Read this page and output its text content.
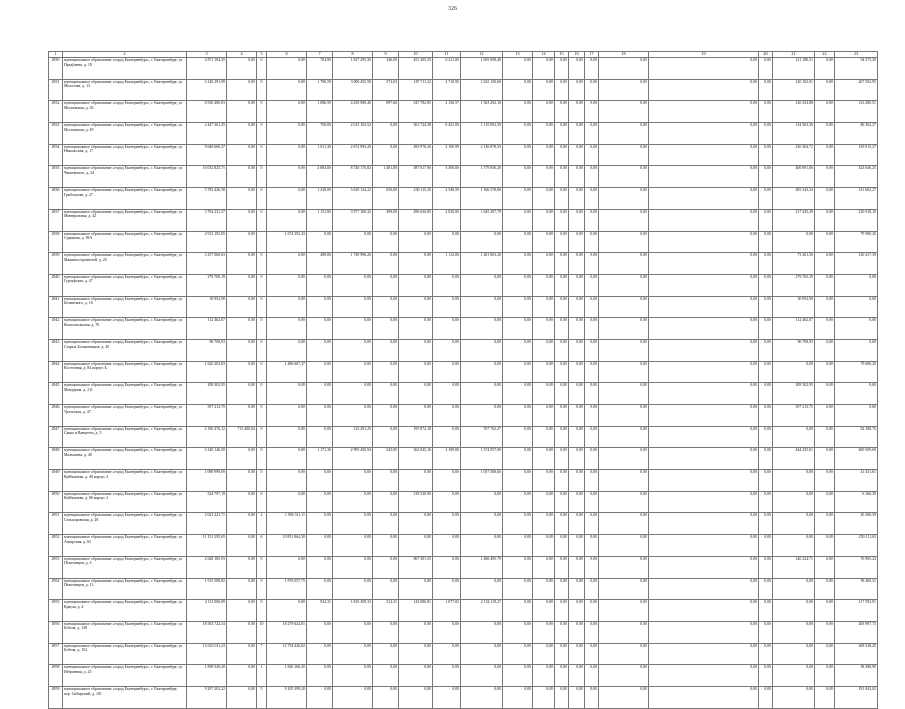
326
1	2	3	4	5	6	7	8	9	10	11	12	13	14	15	16	17	18	19	20	21	22	23
4930	муниципальное образование «город Екатеринбург», г. Екатеринбург, ул. Предбанна, д. 18	2 871 194,35	0,00	0	0,00	704,90	1 827 295,30	246,00	451 305,35	6 211,00	1 695 008,40	0,00	0,00	0,00	0,00	0,00	0,00	0,00	0,00	121 188,51	0,00	94 575,30
4931	муниципальное образование «город Екатеринбург», г. Екатеринбург, ул. Молотова, д. 13	3 140 291,99	0,00	0	0,00	1 780,59	3 000 455,58	573,63	187 711,32	2 710,95	1 625 150,60	0,00	0,00	0,00	0,00	0,00	0,00	0,00	0,00	120 102,91	0,00	207 502,95
4932	муниципальное образование «город Екатеринбург», г. Екатеринбург, ул. Московская, д. 30	8 530 480,03	0,00	0	0,00	1 086,59	4 250 988,40	897,60	547 782,85	2 156,57	1 563 292,10	0,00	0,00	0,00	0,00	0,00	0,00	0,00	0,00	120 254,88	0,00	123 280,51
4933	муниципальное образование «город Екатеринбург», г. Екатеринбург, ул. Московская, д. 49	2 447 361,25	0,00	0	0,00	700,00	2 013 163,52	0,00	361 724,38	6 441,00	1 119 092,50	0,00	0,00	0,00	0,00	0,00	0,00	0,00	0,00	134 563,56	0,00	80 302,27
4934	муниципальное образование «город Екатеринбург», г. Екатеринбург, ул. Никольская, д. 17	9 640 660,27	0,00	0	0,00	1 011,30	2 672 993,20	0,00	493 970,20	2 100,99	2 136 878,55	0,00	0,00	0,00	0,00	0,00	0,00	0,00	0,00	230 304,71	0,00	159 015,27
4935	муниципальное образование «город Екатеринбург», г. Екатеринбург, ул. Чапаевского, д. 24	10 032 825,71	0,00	0	0,00	2 084,00	8 740 176,82	1 481,00	587 617,96	3 300,00	1 579 856,20	0,00	0,00	0,00	0,00	0,00	0,00	0,00	0,00	400 891,06	0,00	323 646,25
4936	муниципальное образование «город Екатеринбург», г. Екатеринбург, ул. Грибоедова, д. 27	5 782 426,58	0,00	0	0,00	1 238,00	5 629 134,22	650,00	230 115,20	2 540,50	1 166 378,06	0,00	0,00	0,00	0,00	0,00	0,00	0,00	0,00	285 343,24	0,00	141 602,27
4937	муниципальное образование «город Екатеринбург», г. Екатеринбург, ул. Минеральная, д. 42	3 794 231,37	0,00	0	0,00	1 151,00	3 977 100,32	499,00	290 630,85	2 030,00	1 645 297,79	0,00	0,00	0,00	0,00	0,00	0,00	0,00	0,00	217 435,29	0,00	120 918,10
4938	муниципальное образование «город Екатеринбург», г. Екатеринбург, ул. Сурикова, д. 39А	2 913 192,85	0,00		1 674 392,43	0,00	0,00	0,00	0,00	0,00	0,00	0,00	0,00	0,00	0,00	0,00	0,00	0,00	0,00	0,00	0,00	79 580,20
4939	муниципальное образование «город Екатеринбург», г. Екатеринбург, ул. Машиностроителей, д. 25	3 257 060,63	0,00	0	0,00	489,00	1 749 996,20	0,00	0,00	1 112,00	1 201 863,20	0,00	0,00	0,00	0,00	0,00	0,00	0,00	0,00	73 261,50	0,00	120 417,39
4940	муниципальное образование «город Екатеринбург», г. Екатеринбург, ул. Гурзуфская, д. 47	279 700,19	0,00	0	0,00	0,00	0,00	0,00	0,00	0,00	0,00	0,00	0,00	0,00	0,00	0,00	0,00	0,00	0,00	279 702,39	0,00	0,00
4941	муниципальное образование «город Екатеринбург», г. Екатеринбург, ул. Белинского, д. 16	30 952,90	0,00	0	0,00	0,00	0,00	0,00	0,00	0,00	0,00	0,00	0,00	0,00	0,00	0,00	0,00	0,00	0,00	30 952,90	0,00	0,00
4942	муниципальное образование «город Екатеринбург», г. Екатеринбург, ул. Комсомольская, д. 70	112 462,07	0,00	0	0,00	0,00	0,00	0,00	0,00	0,00	0,00	0,00	0,00	0,00	0,00	0,00	0,00	0,00	0,00	112 462,07	0,00	0,00
4943	муниципальное образование «город Екатеринбург», г. Екатеринбург, ул. Старых Большевиков, д. 20	96 708,93	0,00	0	0,00	0,00	0,00	0,00	0,00	0,00	0,00	0,00	0,00	0,00	0,00	0,00	0,00	0,00	0,00	96 708,93	0,00	0,00
4944	муниципальное образование «город Екатеринбург», г. Екатеринбург, ул. Восточная, д. 84 корпус Б	1 620 203,03	0,00	0	1 486 667,37	0,00	0,00	0,00	0,00	0,00	0,00	0,00	0,00	0,00	0,00	0,00	0,00	0,00	0,00	0,00	0,00	79 680,20
4945	муниципальное образование «город Екатеринбург», г. Екатеринбург, ул. Мичурина, д. 211	208 302,95	0,00	0	0,00	0,00	0,00	0,00	0,00	0,00	0,00	0,00	0,00	0,00	0,00	0,00	0,00	0,00	0,00	208 302,95	0,00	0,00
4946	муниципальное образование «город Екатеринбург», г. Екатеринбург, ул. Уральская, д. 47	597 213,75	0,00	0	0,00	0,00	0,00	0,00	0,00	0,00	0,00	0,00	0,00	0,00	0,00	0,00	0,00	0,00	0,00	597 213,75	0,00	0,00
4947	муниципальное образование «город Екатеринбург», г. Екатеринбург, ул. Сакко и Ванцетти, д. 5	2 190 476,12	713 400,84	0	0,00	0,00	123 291,25	0,00	195 872,10	0,00	767 702,27	0,00	0,00	0,00	0,00	0,00	0,00	0,00	0,00	0,00	0,00	82 180,76
4948	муниципальное образование «город Екатеринбург», г. Екатеринбург, ул. Малышева, д. 40	3 140 146,50	0,00	0	0,00	1 171,30	2 995 450,94	345,85	362 845,16	3 109,00	1 374 957,90	0,00	0,00	0,00	0,00	0,00	0,00	0,00	0,00	444 435,61	0,00	400 509,69
4949	муниципальное образование «город Екатеринбург», г. Екатеринбург, ул. Куйбышева, д. 48 корпус 2	1 098 999,69	0,00	0	0,00	0,00	0,00	0,00	0,00	0,00	1 057 568,60	0,00	0,00	0,00	0,00	0,00	0,00	0,00	0,00	0,00	0,00	41 431,61
4950	муниципальное образование «город Екатеринбург», г. Екатеринбург, ул. Куйбышева, д. 86 корпус 2	524 797,19	0,00	0	0,00	0,00	0,00	0,00	518 520,90	0,00	0,00	0,00	0,00	0,00	0,00	0,00	0,00	0,00	0,00	0,00	0,00	6 166,39
4951	муниципальное образование «город Екатеринбург», г. Екатеринбург, ул. Селькоровская, д. 28	2 021 221,71	0,00	2	1 994 311,11	0,00	0,00	0,00	0,00	0,00	0,00	0,00	0,00	0,00	0,00	0,00	0,00	0,00	0,00	0,00	0,00	20 280,59
4952	муниципальное образование «город Екатеринбург», г. Екатеринбург, ул. Ангарская, д. 63	11 151 295,65	0,00	6	10 851 864,30	0,00	0,00	0,00	0,00	0,00	0,00	0,00	0,00	0,00	0,00	0,00	0,00	0,00	0,00	0,00	0,00	250 111,63
4953	муниципальное образование «город Екатеринбург», г. Екатеринбург, ул. Пехотинцев, д. 3	2 628 185,93	0,00	0	0,00	0,00	0,00	0,00	867 301,55	0,00	1 486 495,79	0,00	0,00	0,00	0,00	0,00	0,00	0,00	0,00	140 224,71	0,00	76 965,24
4954	муниципальное образование «город Екатеринбург», г. Екатеринбург, ул. Пехотинцев, д. 13	1 915 588,82	0,00	0	1 876 057,75	0,00	0,00	0,00	0,00	0,00	0,00	0,00	0,00	0,00	0,00	0,00	0,00	0,00	0,00	0,00	0,00	39 400,31
4955	муниципальное образование «город Екатеринбург», г. Екатеринбург, ул. Крауля, д. 4	4 113 000,09	0,00	0	0,00	934,31	1 810 309,33	312,31	143 086,81	1 077,82	2 154 119,27	0,00	0,00	0,00	0,00	0,00	0,00	0,00	0,00	0,00	0,00	117 593,91
4956	муниципальное образование «город Екатеринбург», г. Екатеринбург, ул. Бебеля, д. 138	18 563 722,34	0,00	10	18 279 624,81	0,00	0,00	0,00	0,00	0,00	0,00	0,00	0,00	0,00	0,00	0,00	0,00	0,00	0,00	0,00	0,00	283 997,73
4957	муниципальное образование «город Екатеринбург», г. Екатеринбург, ул. Бебеля, д. 154	13 023 011,23	0,00	7	12 754 426,02	0,00	0,00	0,00	0,00	0,00	0,00	0,00	0,00	0,00	0,00	0,00	0,00	0,00	0,00	0,00	0,00	268 528,25
4958	муниципальное образование «город Екатеринбург», г. Екатеринбург, ул. Избранная, д. 25	1 858 549,20	0,00	1	1 820 160,45	0,00	0,00	0,00	0,00	0,00	0,00	0,00	0,00	0,00	0,00	0,00	0,00	0,00	0,00	0,00	0,00	38 388,90
4959	муниципальное образование «город Екатеринбург», г. Екатеринбург, пер. Сибирский, д. 101	9 297 203,22	0,00	5	9 105 399,20	0,00	0,00	0,00	0,00	0,00	0,00	0,00	0,00	0,00	0,00	0,00	0,00	0,00	0,00	0,00	0,00	191 843,02
